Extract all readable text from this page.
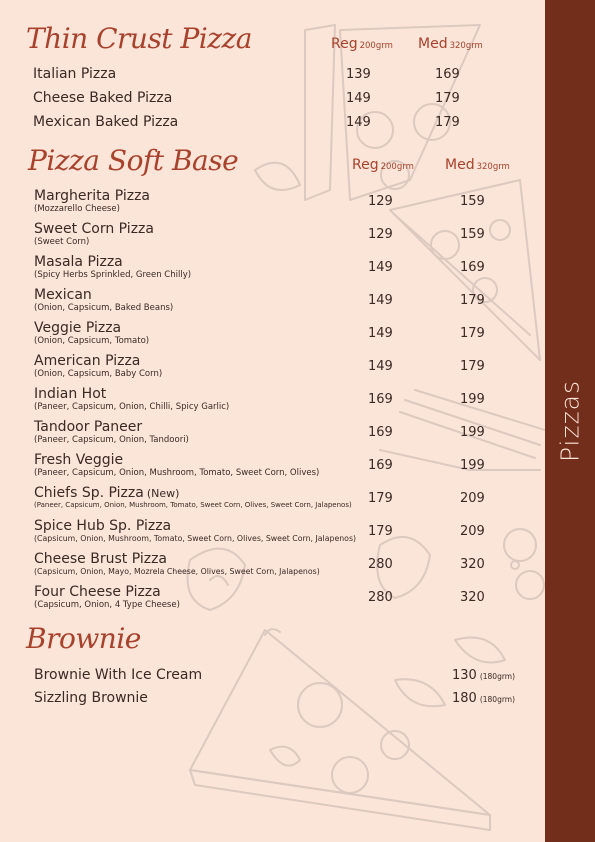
Pizzas
Thin Crust Pizza	Reg 200grm Med 320grm
Italian Pizza	139	169
Cheese Baked Pizza	149	179
Mexican Baked Pizza	149	179
Pizza Soft Base	Reg 200grm Med 320grm
Margherita Pizza
(Mozzarello Cheese)	129	159
Sweet Corn Pizza
(Sweet Corn)	129	159
Masala Pizza
(Spicy Herbs Sprinkled, Green Chilly)	149	169
Mexican
(Onion, Capsicum, Baked Beans)	149	179
Veggie Pizza
(Onion, Capsicum, Tomato)	149	179
American Pizza
(Onion, Capsicum, Baby Corn)	149	179
Indian Hot
(Paneer, Capsicum, Onion, Chilli, Spicy Garlic)	169	199
Tandoor Paneer
(Paneer, Capsicum, Onion, Tandoori)	169	199
Fresh Veggie
(Paneer, Capsicum, Onion, Mushroom, Tomato, Sweet Corn, Olives)	169	199
Chiefs Sp. Pizza (New)
(Paneer, Capsicum, Onion, Mushroom, Tomato, Sweet Corn, Olives, Sweet Corn, Jalapenos) 179	209
Spice Hub Sp. Pizza
(Capsicum, Onion, Mushroom, Tomato, Sweet Corn, Olives, Sweet Corn, Jalapenos) 179	209
Cheese Brust Pizza
(Capsicum, Onion, Mayo, Mozrela Cheese, Olives, Sweet Corn, Jalapenos)	280	320
Four Cheese Pizza
(Capsicum, Onion, 4 Type Cheese)	280	320
Brownie
Brownie With Ice Cream	130 (180grm)
Sizzling Brownie	180 (180grm)
